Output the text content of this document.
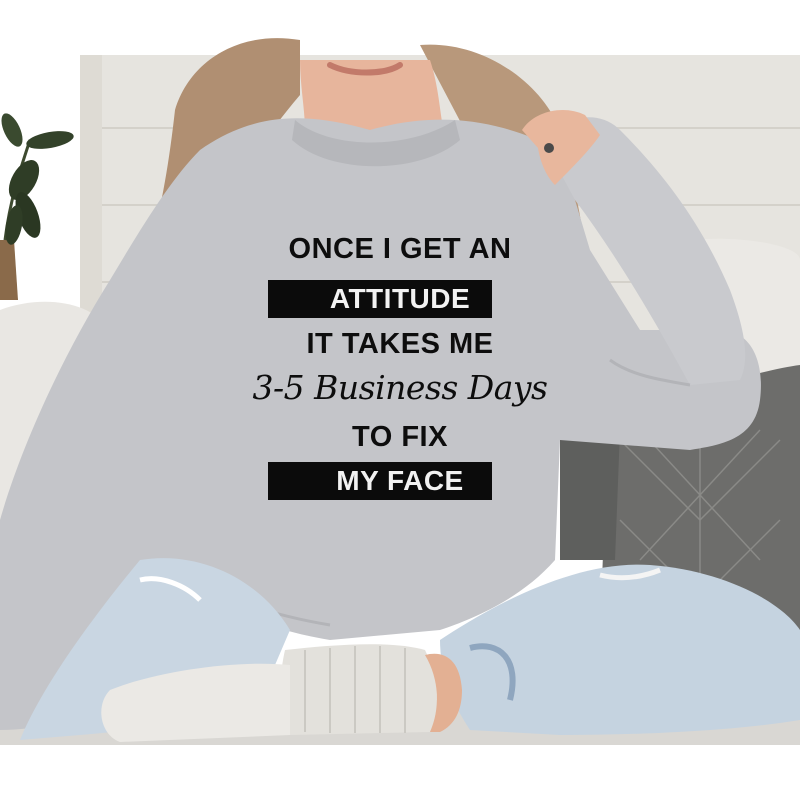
ONCE I GET AN
ATTITUDE
IT TAKES ME
3-5 Business Days
TO FIX
MY FACE
